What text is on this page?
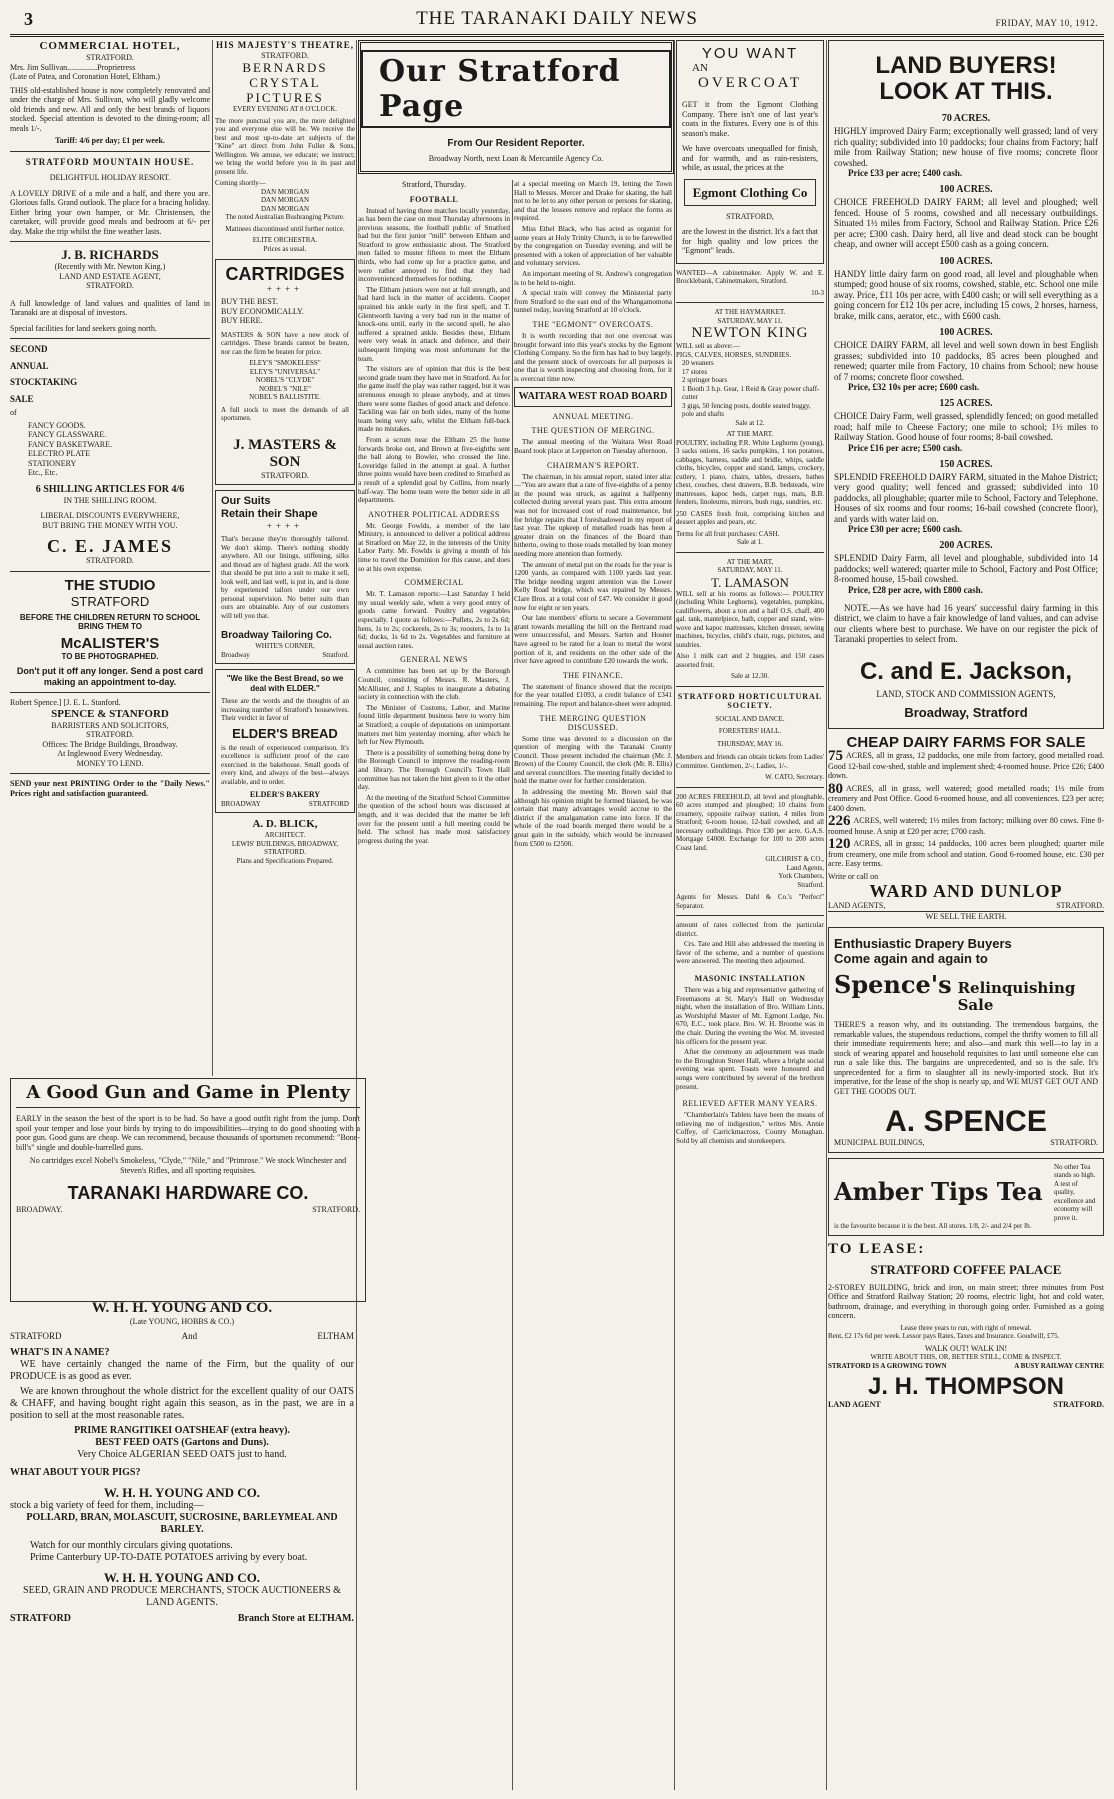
3	THE TARANAKI DAILY NEWS	FRIDAY, MAY 10, 1912.
COMMERCIAL HOTEL,
STRATFORD.
Mrs. Jim Sullivan...............Proprietress
(Late of Patea, and Coronation Hotel, Eltham.)

THIS old-established house is now completely renovated and under the charge of Mrs. Sullivan, who will gladly welcome old friends and new. All and only the best brands of liquors stocked. Special attention is devoted to the dining-room; all meals 1/-.

Tariff: 4/6 per day; £1 per week.
STRATFORD MOUNTAIN HOUSE.
DELIGHTFUL HOLIDAY RESORT.

A LOVELY DRIVE of a mile and a half, and there you are. Glorious falls. Grand outlook. The place for a bracing holiday. Either bring your own hamper, or Mr. Christensen, the caretaker, will provide good meals and bedroom at 6/- per day. Make the trip whilst the fine weather lasts.

J. B. RICHARDS
(Recently with Mr. Newton King.)
LAND AND ESTATE AGENT,
STRATFORD.

A full knowledge of land values and qualities of land in Taranaki are at disposal of investors.

Special facilities for land seekers going north.

SECOND
ANNUAL
STOCKTAKING
SALE
of
FANCY GOODS.
FANCY GLASSWARE.
FANCY BASKETWARE.
ELECTRO PLATE
STATIONERY
Etc., Etc.
6 SHILLING ARTICLES FOR 4/6
IN THE SHILLING ROOM.
LIBERAL DISCOUNTS EVERYWHERE,
BUT BRING THE MONEY WITH YOU.
C. E. JAMES
STRATFORD.
THE STUDIO
STRATFORD
BEFORE THE CHILDREN RETURN TO SCHOOL BRING THEM TO
McALISTER'S
TO BE PHOTOGRAPHED.
Don't put it off any longer. Send a post card making an appointment to-day.
Robert Spence.] [J. E. L. Stanford.
SPENCE & STANFORD
BARRISTERS AND SOLICITORS,
STRATFORD.
Offices: The Bridge Buildings, Broadway.
At Inglewood Every Wednesday.
MONEY TO LEND.

SEND your next PRINTING Order to the "Daily News." Prices right and satisfaction guaranteed.

HIS MAJESTY'S THEATRE,
STRATFORD.
BERNARDS
CRYSTAL
PICTURES
EVERY EVENING AT 8 O'CLOCK.

The more punctual you are, the more delighted you and everyone else will be. We receive the best and most up-to-date art subjects of the "Kine" art direct from John Fuller & Sons, Wellington. We amuse, we educate; we instruct; we bring the world before you in its past and present life.

Coming shortly—
DAN MORGAN
DAN MORGAN
DAN MORGAN
The noted Australian Bushranging Picture.
Matinees discontinued until further notice.
ELITE ORCHESTRA.
Prices as usual.
CARTRIDGES
++++
BUY THE BEST.
BUY ECONOMICALLY.
BUY HERE.

MASTERS & SON have a new stock of cartridges. These brands cannot be beaten, nor can the firm be beaten for price.

ELEY'S "SMOKELESS"
ELEY'S "UNIVERSAL"
NOBEL'S "CLYDE"
NOBEL'S "NILE"
NOBEL'S BALLISTITE.

A full stock to meet the demands of all sportsmen.

J. MASTERS & SON
STRATFORD.
Our Suits
Retain their Shape
++++

That's because they're thoroughly tailored. We don't skimp. There's nothing shoddy anywhere. All our linings, stiffening, silks and thread are of highest grade. All the work that should be put into a suit to make it sell, look well, and last well, is put in, and is done by experienced tailors under our own personal supervision. No better suits than ours are obtainable. Any of our customers will tell you that.

Broadway Tailoring Co.
WHITE'S CORNER,
Broadway	Stratford.
"We like the Best Bread, so we deal with ELDER."

These are the words and the thoughts of an increasing number of Stratford's housewives. Their verdict in favor of

ELDER'S BREAD

is the result of experienced comparison. It's excellence is sufficient proof of the care exercised in the bakehouse. Small goods of every kind, and always of the best—always available, and to order.

ELDER'S BAKERY
BROADWAY	STRATFORD
A. D. BLICK,
ARCHITECT.
LEWIS' BUILDINGS, BROADWAY,
STRATFORD.
Plans and Specifications Prepared.
Our Stratford Page
From Our Resident Reporter.
Broadway North, next Loan & Mercantile Agency Co.
Stratford, Thursday.
FOOTBALL

Instead of having three matches locally yesterday, as has been the case on most Thursday afternoons in previous seasons, the football public of Stratford had but the first junior "mill" between Eltham and Stratford to grow enthusiastic about. The Stratford men failed to muster fifteen to meet the Eltham thirds, who had come up for a practice game, and were rather annoyed to find that they had inconvenienced themselves for nothing.

The Eltham juniors were not at full strength, and had hard luck in the matter of accidents. Cooper sprained his ankle early in the first spell, and T. Glentworth having a very bad run in the matter of knock-ons until, early in the second spell, he also suffered a sprained ankle. Besides these, Eltham were very weak in attack and defence, and their subsequent limping was most unfortunate for the team.

The visitors are of opinion that this is the best second grade team they have met in Stratford. As for the game itself the play was rather ragged, but it was strenuous enough to please anybody, and at times there were some flashes of good attack and defence. Tackling was fair on both sides, many of the home team being very safe, whilst the Eltham full-back made no mistakes.

From a scrum near the Eltham 25 the home forwards broke out, and Brown at five-eighths sent the ball along to Bowler, who crossed the line. Loveridge failed in the attempt at goal. A further three points would have been credited to Stratford as a result of a splendid goal by Collins, from nearly half-way. The home team were the better side in all departments.

ANOTHER POLITICAL ADDRESS

Mr. George Fowlds, a member of the late Ministry, is announced to deliver a political address at Stratford on May 22, in the interests of the Unity Labor Party. Mr. Fowlds is giving a month of his time to travel the Dominion for this cause, and does so at his own expense.

COMMERCIAL

Mr. T. Lamason reports:—Last Saturday I held my usual weekly sale, when a very good entry of goods came forward. Poultry and vegetables especially. I quote as follows:—Pullets, 2s to 2s 6d; hens, 1s to 2s; cockerels, 2s to 3s; roosters, 1s to 1s 6d; ducks, 1s 6d to 2s. Vegetables and furniture at usual auction rates.

GENERAL NEWS

A committee has been set up by the Borough Council, consisting of Messrs. R. Masters, J. McAllister, and J. Staples to inaugurate a debating society in connection with the club.

The Minister of Customs, Labor, and Marine found little department business here to worry him at Stratford; a couple of deputations on unimportant matters met him yesterday morning, after which he left for New Plymouth.

There is a possibility of something being done by the Borough Council to improve the reading-room and library. The Borough Council's Town Hall committee has not taken the hint given to it the other day.

At the meeting of the Stratford School Committee the question of the school hours was discussed at length, and it was decided that the matter be left over for the present until a full meeting could be held. The school has made most satisfactory progress during the year.

at a special meeting on March 19, letting the Town Hall to Messrs. Mercer and Drake for skating, the hall not to be let to any other person or persons for skating, and that the lessees remove and replace the forms as required.

Miss Ethel Black, who has acted as organist for some years at Holy Trinity Church, is to be farewelled by the congregation on Tuesday evening, and will be presented with a token of appreciation of her valuable and voluntary services.

An important meeting of St. Andrew's congregation is to be held to-night.

A special train will convey the Ministerial party from Stratford to the east end of the Whangamomona tunnel today, leaving Stratford at 10 o'clock.

THE "EGMONT" OVERCOATS.

It is worth recording that not one overcoat was brought forward into this year's stocks by the Egmont Clothing Company. So the firm has had to buy largely, and the present stock of overcoats for all purposes is one that is worth inspecting and choosing from, for it is overcoat time now.

WAITARA WEST ROAD BOARD
ANNUAL MEETING.
THE QUESTION OF MERGING.

The annual meeting of the Waitara West Road Board took place at Lepperton on Tuesday afternoon.

CHAIRMAN'S REPORT.

The chairman, in his annual report, stated inter alia:—"You are aware that a rate of five-eighths of a penny in the pound was struck, as against a halfpenny collected during several years past. This extra amount was not for increased cost of road maintenance, but for bridge repairs that I foreshadowed in my report of last year. The upkeep of metalled roads has been a greater drain on the finances of the Board than hitherto, owing to those roads metalled by loan money needing more attention than formerly.

The amount of metal put on the roads for the year is 1200 yards, as compared with 1100 yards last year. The bridge needing urgent attention was the Lower Kelly Road bridge, which was repaired by Messrs. Clare Bros. at a total cost of £47. We consider it good now for eight or ten years.

Our late members' efforts to secure a Government grant towards metalling the hill on the Bertrand road were unsuccessful, and Messrs. Sarten and Hosner have agreed to be rated for a loan to metal the worst portion of it, and residents on the other side of the river have agreed to contribute £20 towards the work.

THE FINANCE.

The statement of finance showed that the receipts for the year totalled £1093, a credit balance of £341 remaining. The report and balance-sheet were adopted.

THE MERGING QUESTION DISCUSSED.

Some time was devoted to a discussion on the question of merging with the Taranaki County Council. Those present included the chairman (Mr. J. Brown) of the County Council, the clerk (Mr. R. Ellis) and several councillors. The meeting finally decided to hold the matter over for further consideration.

In addressing the meeting Mr. Brown said that although his opinion might be formed biassed, he was certain that many advantages would accrue to the district if the amalgamation came into force. If the whole of the road boards merged there would be a great gain in the subsidy, which would be increased from £500 to £2500.

YOU WANT
AN
OVERCOAT

GET it from the Egmont Clothing Company. There isn't one of last year's coats in the fixtures. Every one is of this season's make.

We have overcoats unequalled for finish, and for warmth, and as rain-resisters, while, as usual, the prices at the

Egmont Clothing Co
STRATFORD,

are the lowest in the district. It's a fact that for high quality and low prices the "Egmont" leads.

WANTED—A cabinetmaker. Apply W. and E. Brocklebank, Cabinetmakers, Stratford.

10-3
AT THE HAYMARKET.
SATURDAY, MAY 11.
NEWTON KING
WILL sell as above:—
PIGS, CALVES, HORSES, SUNDRIES.
20 weaners
17 stores
2 springer boars
1 Booth 3 h.p. Gear, 1 Reid & Gray power chaff-cutter
3 gigs, 50 fencing posts, double seated buggy, pole and shafts
Sale at 12.
AT THE MART.

POULTRY, including P.R. White Leghorns (young), 3 sacks onions, 16 sacks pumpkins, 1 ton potatoes, cabbages, harness, saddle and bridle, whips, saddle cloths, bicycles, copper and stand, lamps, crockery, cutlery, 1 piano, chairs, tables, dressers, bathes chest, couches, chest drawers, B.B. bedsteads, wire mattresses, kapoc beds, carpet rugs, mats, B.B. fenders, linoleums, mirrors, bush rugs, sundries, etc.

250 CASES fresh fruit, comprising kitchen and dessert apples and pears, etc.

Terms for all fruit purchases: CASH.
Sale at 1.
AT THE MART,
SATURDAY, MAY 11.
T. LAMASON

WILL sell at his rooms as follows:— POULTRY (including White Leghorns), vegetables, pumpkins, cauliflowers, about a ton and a half O.S. chaff, 400 gal. tank, mantelpiece, bath, copper and stand, wire-wove and kapoc mattresses, kitchen dresser, sewing machines, bicycles, child's chair, rugs, pictures, and sundries.

Also 1 milk cart and 2 buggies, and 150 cases assorted fruit.

Sale at 12.30.
STRATFORD HORTICULTURAL SOCIETY.
SOCIAL AND DANCE.
FORESTERS' HALL.
THURSDAY, MAY 16.

Members and friends can obtain tickets from Ladies' Committee. Gentlemen, 2/-; Ladies, 1/-.

W. CATO, Secretary.

200 ACRES FREEHOLD, all level and ploughable, 60 acres stumped and ploughed; 10 chains from creamery, opposite railway station, 4 miles from Stratford; 6-room house, 12-bail cowshed, and all necessary outbuildings. Price £30 per acre. G.A.S. Mortgage £4000. Exchange for 100 to 200 acres Coast land.

GILCHRIST & CO.,
Land Agents,
York Chambers,
Stratford.

Agents for Messrs. Dahl & Co.'s "Perfect" Separator.

amount of rates collected from the particular district.

Crs. Tate and Hill also addressed the meeting in favor of the scheme, and a number of questions were answered. The meeting then adjourned.

MASONIC INSTALLATION

There was a big and representative gathering of Freemasons at St. Mary's Hall on Wednesday night, when the installation of Bro. William Lints, as Worshipful Master of Mt. Egmont Lodge, No. 670, E.C., took place. Bro. W. H. Broome was in the chair. During the evening the Wor. M. invested his officers for the present year.

After the ceremony an adjournment was made to the Broughton Street Hall, where a bright social evening was spent. Toasts were honoured and songs were contributed by several of the brethren present.

RELIEVED AFTER MANY YEARS.

"Chamberlain's Tablets have been the means of relieving me of indigestion," writes Mrs. Annie Coffey, of Carrickmacross, County Monaghan. Sold by all chemists and storekeepers.

LAND BUYERS!
LOOK AT THIS.
70 ACRES.
HIGHLY improved Dairy Farm; exceptionally well grassed; land of very rich quality; subdivided into 10 paddocks; four chains from Factory; half mile from Railway Station; new house of five rooms; concrete floor cowshed.
Price £33 per acre; £400 cash.
100 ACRES.
CHOICE FREEHOLD DAIRY FARM; all level and ploughed; well fenced. House of 5 rooms, cowshed and all necessary outbuildings. Situated 1½ miles from Factory, School and Railway Station. Price £26 per acre; £300 cash. Dairy herd, all live and dead stock can be bought cheap, and owner will accept £500 cash as a going concern.
100 ACRES.
HANDY little dairy farm on good road, all level and ploughable when stumped; good house of six rooms, cowshed, stable, etc. School one mile away. Price, £11 10s per acre, with £400 cash; or will sell everything as a going concern for £12 10s per acre, including 15 cows, 2 horses, harness, brake, milk cans, aerator, etc., with £600 cash.
100 ACRES.
CHOICE DAIRY FARM, all level and well sown down in best English grasses; subdivided into 10 paddocks, 85 acres been ploughed and renewed; quarter mile from Factory, 10 chains from School; new house of 7 rooms; concrete floor cowshed.
Price, £32 10s per acre; £600 cash.
125 ACRES.
CHOICE Dairy Farm, well grassed, splendidly fenced; on good metalled road; half mile to Cheese Factory; one mile to school; 1½ miles to Railway Station. Good house of four rooms; 8-bail cowshed.
Price £16 per acre; £500 cash.
150 ACRES.
SPLENDID FREEHOLD DAIRY FARM, situated in the Mahoe District; very good quality; well fenced and grassed; subdivided into 10 paddocks, all ploughable; quarter mile to School, Factory and Telephone. Houses of six rooms and four rooms; 16-bail cowshed (concrete floor), and yards with water laid on.
Price £30 per acre; £600 cash.
200 ACRES.
SPLENDID Dairy Farm, all level and ploughable, subdivided into 14 paddocks; well watered; quarter mile to School, Factory and Post Office; 8-roomed house, 15-bail cowshed.
Price, £28 per acre, with £800 cash.

NOTE.—As we have had 16 years' successful dairy farming in this district, we claim to have a fair knowledge of land values, and can advise our clients where best to purchase. We have on our register the pick of Taranaki properties to select from.

C. and E. Jackson,
LAND, STOCK AND COMMISSION AGENTS,
Broadway, Stratford
CHEAP DAIRY FARMS FOR SALE

75 ACRES, all in grass, 12 paddocks, one mile from factory, good metalled road. Good 12-bail cow-shed, stable and implement shed; 4-roomed house. Price £26; £400 down.

80 ACRES, all in grass, well watered; good metalled roads; 1½ mile from creamery and Post Office. Good 6-roomed house, and all conveniences. £23 per acre; £400 down.

226 ACRES, well watered; 1½ miles from factory; milking over 80 cows. Fine 8-roomed house. A snip at £20 per acre; £700 cash.

120 ACRES, all in grass; 14 paddocks, 100 acres been ploughed; quarter mile from creamery, one mile from school and station. Good 6-roomed house, etc. £30 per acre. Easy terms.

Write or call on
WARD AND DUNLOP
LAND AGENTS,	STRATFORD.
WE SELL THE EARTH.
Enthusiastic Drapery Buyers
Come again and again to
Spence's Relinquishing Sale

THERE'S a reason why, and its outstanding. The tremendous bargains, the remarkable values, the stupendous reductions, compel the thrifty women to fill all their immediate requirements here; and also—and mark this well—to lay in a stock of wearing apparel and household requisites to last until someone else can run a sale like this. The bargains are unprecedented, and so is the sale. It's unprecedented for a firm to slaughter all its newly-imported stock. But it's imperative, for the lease of the shop is nearly up, and WE MUST GET OUT AND GET THE GOODS OUT.

A. SPENCE
MUNICIPAL BUILDINGS,	STRATFORD.
Amber Tips Tea
No other Tea stands so high. A test of quality, excellence and economy will prove it.
is the favourite because it is the best. All stores. 1/8, 2/- and 2/4 per lb.
TO LEASE:
STRATFORD COFFEE PALACE

2-STOREY BUILDING, brick and iron, on main street; three minutes from Post Office and Stratford Railway Station; 20 rooms, electric light, hot and cold water, bathroom, drainage, and everything in thorough going order. Furnished as a going concern.

Lease three years to run, with right of renewal.

Rent, £2 17s 6d per week. Lessor pays Rates, Taxes and Insurance. Goodwill, £75.

WALK OUT! WALK IN!
WRITE ABOUT THIS, OR, BETTER STILL, COME & INSPECT.
STRATFORD IS A GROWING TOWN	A BUSY RAILWAY CENTRE
J. H. THOMPSON
LAND AGENT	STRATFORD.
A Good Gun and Game in Plenty

EARLY in the season the best of the sport is to be had. So have a good outfit right from the jump. Don't spoil your temper and lose your birds by trying to do impossibilities—trying to do good shooting with a poor gun. Good guns are cheap. We can recommend, because thousands of sportsmen recommend: "Bone-bill's" single and double-barrelled guns.

No cartridges excel Nobel's Smokeless, "Clyde," "Nile," and "Primrose." We stock Winchester and Steven's Rifles, and all sporting requisites.

TARANAKI HARDWARE CO.
BROADWAY.	STRATFORD.
W. H. H. YOUNG AND CO.
(Late YOUNG, HOBBS & CO.)
STRATFORD	And	ELTHAM
WHAT'S IN A NAME?

WE have certainly changed the name of the Firm, but the quality of our PRODUCE is as good as ever.

We are known throughout the whole district for the excellent quality of our OATS & CHAFF, and having bought right again this season, as in the past, we are in a position to sell at the most reasonable rates.

PRIME RANGITIKEI OATSHEAF (extra heavy).
BEST FEED OATS (Gartons and Duns).
Very Choice ALGERIAN SEED OATS just to hand.
WHAT ABOUT YOUR PIGS?
W. H. H. YOUNG AND CO.
stock a big variety of feed for them, including—
POLLARD, BRAN, MOLASCUIT, SUCROSINE, BARLEYMEAL AND BARLEY.
Watch for our monthly circulars giving quotations.
Prime Canterbury UP-TO-DATE POTATOES arriving by every boat.
W. H. H. YOUNG AND CO.
SEED, GRAIN AND PRODUCE MERCHANTS, STOCK AUCTIONEERS & LAND AGENTS.
STRATFORD	Branch Store at ELTHAM.
